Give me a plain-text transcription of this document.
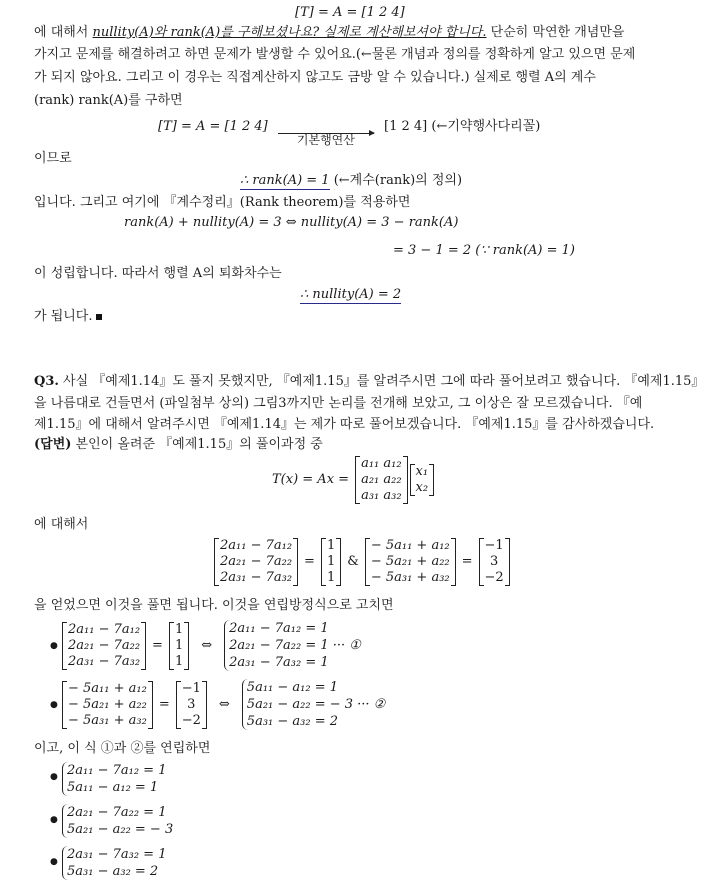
[T] = A = [1 2 4]
에 대해서 nullity(A)와 rank(A)를 구해보셨나요? 실제로 계산해보셔야 합니다. 단순히 막연한 개념만을
가지고 문제를 해결하려고 하면 문제가 발생할 수 있어요.(←물론 개념과 정의를 정확하게 알고 있으면 문제
가 되지 않아요. 그리고 이 경우는 직접계산하지 않고도 금방 알 수 있습니다.) 실제로 행렬 A의 계수
(rank) rank(A)를 구하면
[T] = A = [1 2 4]
기본행연산
[1 2 4] (←기약행사다리꼴)
이므로
∴ rank(A) = 1 (←계수(rank)의 정의)
입니다. 그리고 여기에 『계수정리』(Rank theorem)를 적용하면
rank(A) + nullity(A) = 3 ⇔ nullity(A) = 3 − rank(A)
= 3 − 1 = 2 (∵ rank(A) = 1)
이 성립합니다. 따라서 행렬 A의 퇴화차수는
∴ nullity(A) = 2
가 됩니다.
Q3. 사실 『예제1.14』도 풀지 못했지만, 『예제1.15』를 알려주시면 그에 따라 풀어보려고 했습니다. 『예제1.15』
을 나름대로 건들면서 (파일첨부 상의) 그림3까지만 논리를 전개해 보았고, 그 이상은 잘 모르겠습니다. 『예
제1.15』에 대해서 알려주시면 『예제1.14』는 제가 따로 풀어보겠습니다. 『예제1.15』를 감사하겠습니다.
(답변) 본인이 올려준 『예제1.15』의 풀이과정 중
T(x) = Ax =
a₁₁ a₁₂
a₂₁ a₂₂
a₃₁ a₃₂
x₁
x₂
에 대해서
2a₁₁ − 7a₁₂
2a₂₁ − 7a₂₂
2a₃₁ − 7a₃₂
=
1
1
1
&
− 5a₁₁ + a₁₂
− 5a₂₁ + a₂₂
− 5a₃₁ + a₃₂
=
−1
3
−2
을 얻었으면 이것을 풀면 됩니다. 이것을 연립방정식으로 고치면
●
2a₁₁ − 7a₁₂
2a₂₁ − 7a₂₂
2a₃₁ − 7a₃₂
=
1
1
1
⇔
2a₁₁ − 7a₁₂ = 1
2a₂₁ − 7a₂₂ = 1 ··· ①
2a₃₁ − 7a₃₂ = 1
●
− 5a₁₁ + a₁₂
− 5a₂₁ + a₂₂
− 5a₃₁ + a₃₂
=
−1
3
−2
⇔
5a₁₁ − a₁₂ = 1
5a₂₁ − a₂₂ = − 3 ··· ②
5a₃₁ − a₃₂ = 2
이고, 이 식 ①과 ②를 연립하면
● 2a₁₁ − 7a₁₂ = 1
5a₁₁ − a₁₂ = 1
● 2a₂₁ − 7a₂₂ = 1
5a₂₁ − a₂₂ = − 3
● 2a₃₁ − 7a₃₂ = 1
5a₃₁ − a₃₂ = 2
